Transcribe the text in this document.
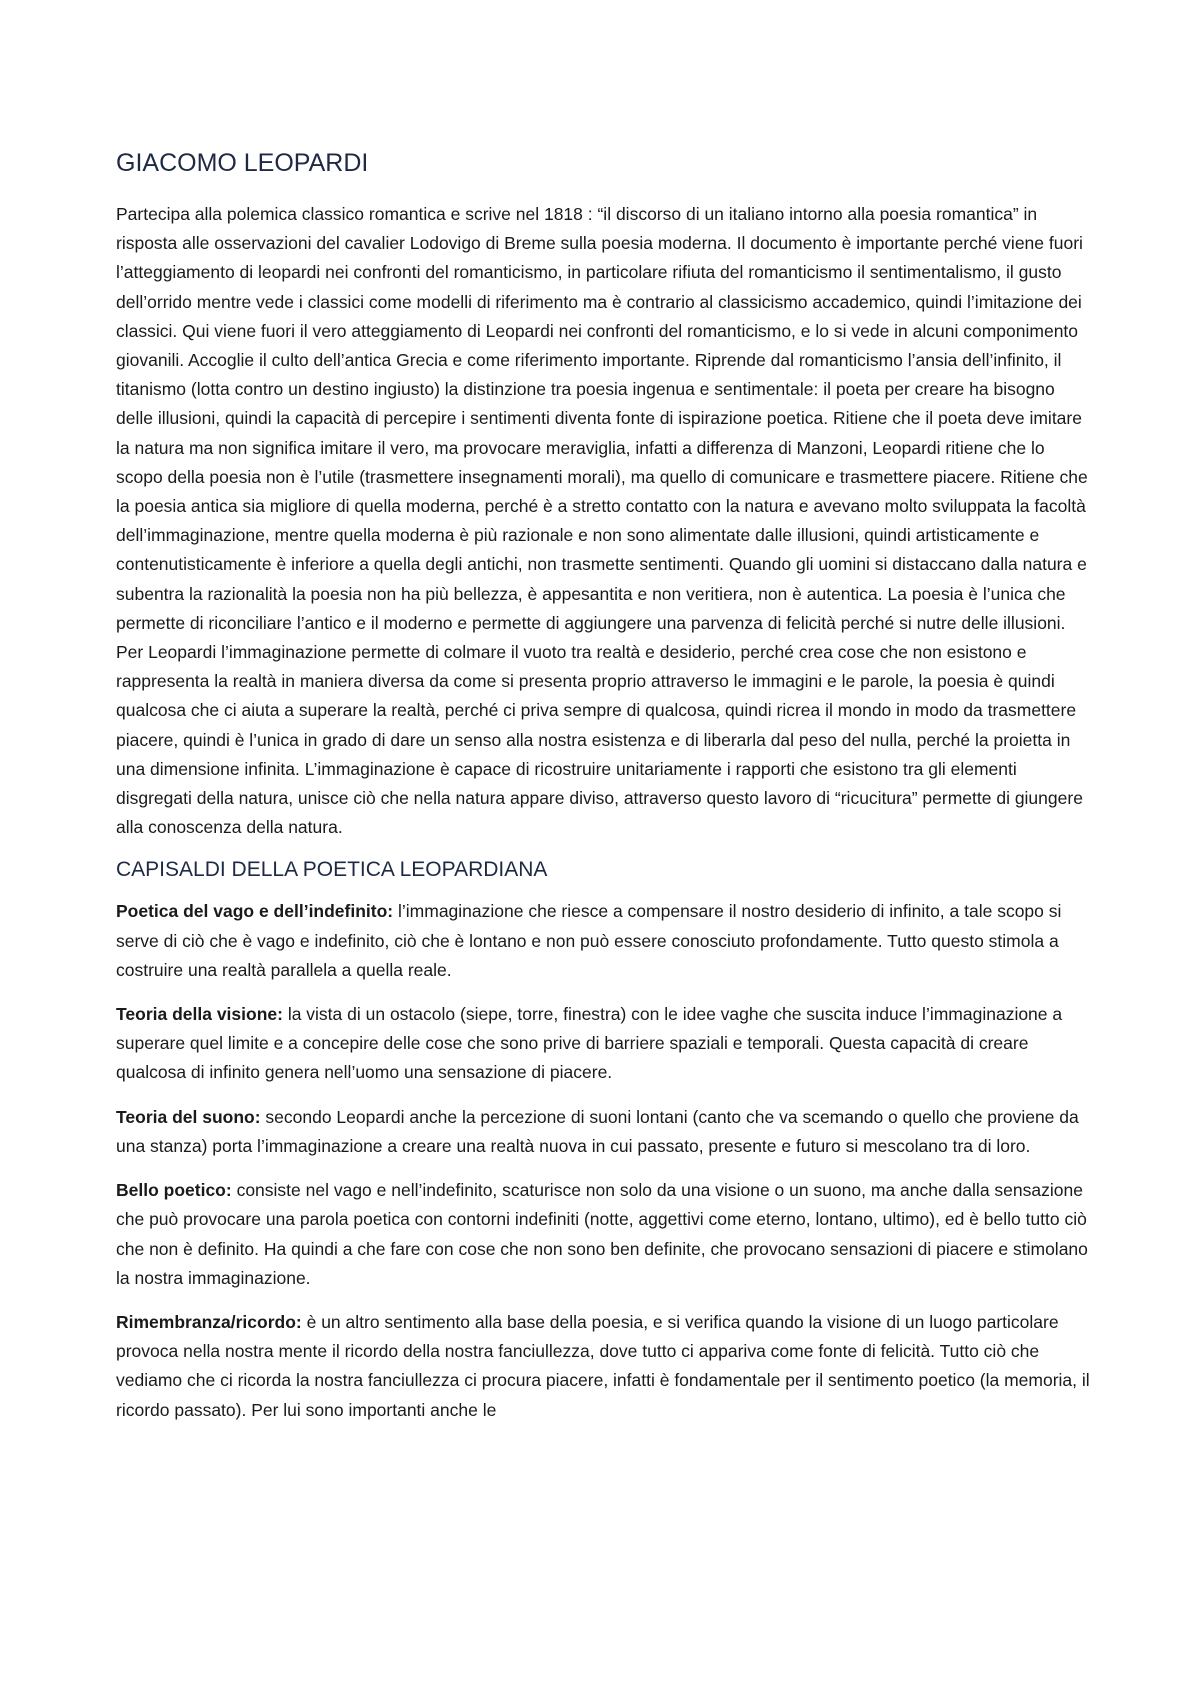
GIACOMO LEOPARDI

Partecipa alla polemica classico romantica e scrive nel 1818 : “il discorso di un italiano intorno alla poesia romantica” in risposta alle osservazioni del cavalier Lodovigo di Breme sulla poesia moderna. Il documento è importante perché viene fuori l’atteggiamento di leopardi nei confronti del romanticismo, in particolare rifiuta del romanticismo il sentimentalismo, il gusto dell’orrido mentre vede i classici come modelli di riferimento ma è contrario al classicismo accademico, quindi l’imitazione dei classici. Qui viene fuori il vero atteggiamento di Leopardi nei confronti del romanticismo, e lo si vede in alcuni componimento giovanili. Accoglie il culto dell’antica Grecia e come riferimento importante. Riprende dal romanticismo l’ansia dell’infinito, il titanismo (lotta contro un destino ingiusto) la distinzione tra poesia ingenua e sentimentale: il poeta per creare ha bisogno delle illusioni, quindi la capacità di percepire i sentimenti diventa fonte di ispirazione poetica. Ritiene che il poeta deve imitare la natura ma non significa imitare il vero, ma provocare meraviglia, infatti a differenza di Manzoni, Leopardi ritiene che lo scopo della poesia non è l’utile (trasmettere insegnamenti morali), ma quello di comunicare e trasmettere piacere. Ritiene che la poesia antica sia migliore di quella moderna, perché è a stretto contatto con la natura e avevano molto sviluppata la facoltà dell’immaginazione, mentre quella moderna è più razionale e non sono alimentate dalle illusioni, quindi artisticamente e contenutisticamente è inferiore a quella degli antichi, non trasmette sentimenti. Quando gli uomini si distaccano dalla natura e subentra la razionalità la poesia non ha più bellezza, è appesantita e non veritiera, non è autentica. La poesia è l’unica che permette di riconciliare l’antico e il moderno e permette di aggiungere una parvenza di felicità perché si nutre delle illusioni. Per Leopardi l’immaginazione permette di colmare il vuoto tra realtà e desiderio, perché crea cose che non esistono e rappresenta la realtà in maniera diversa da come si presenta proprio attraverso le immagini e le parole, la poesia è quindi qualcosa che ci aiuta a superare la realtà, perché ci priva sempre di qualcosa, quindi ricrea il mondo in modo da trasmettere piacere, quindi è l’unica in grado di dare un senso alla nostra esistenza e di liberarla dal peso del nulla, perché la proietta in una dimensione infinita. L’immaginazione è capace di ricostruire unitariamente i rapporti che esistono tra gli elementi disgregati della natura, unisce ciò che nella natura appare diviso, attraverso questo lavoro di “ricucitura” permette di giungere alla conoscenza della natura.

CAPISALDI DELLA POETICA LEOPARDIANA

Poetica del vago e dell’indefinito: l’immaginazione che riesce a compensare il nostro desiderio di infinito, a tale scopo si serve di ciò che è vago e indefinito, ciò che è lontano e non può essere conosciuto profondamente. Tutto questo stimola a costruire una realtà parallela a quella reale.

Teoria della visione: la vista di un ostacolo (siepe, torre, finestra) con le idee vaghe che suscita induce l’immaginazione a superare quel limite e a concepire delle cose che sono prive di barriere spaziali e temporali. Questa capacità di creare qualcosa di infinito genera nell’uomo una sensazione di piacere.

Teoria del suono: secondo Leopardi anche la percezione di suoni lontani (canto che va scemando o quello che proviene da una stanza) porta l’immaginazione a creare una realtà nuova in cui passato, presente e futuro si mescolano tra di loro.

Bello poetico: consiste nel vago e nell’indefinito, scaturisce non solo da una visione o un suono, ma anche dalla sensazione che può provocare una parola poetica con contorni indefiniti (notte, aggettivi come eterno, lontano, ultimo), ed è bello tutto ciò che non è definito. Ha quindi a che fare con cose che non sono ben definite, che provocano sensazioni di piacere e stimolano la nostra immaginazione.

Rimembranza/ricordo: è un altro sentimento alla base della poesia, e si verifica quando la visione di un luogo particolare provoca nella nostra mente il ricordo della nostra fanciullezza, dove tutto ci appariva come fonte di felicità. Tutto ciò che vediamo che ci ricorda la nostra fanciullezza ci procura piacere, infatti è fondamentale per il sentimento poetico (la memoria, il ricordo passato). Per lui sono importanti anche le
